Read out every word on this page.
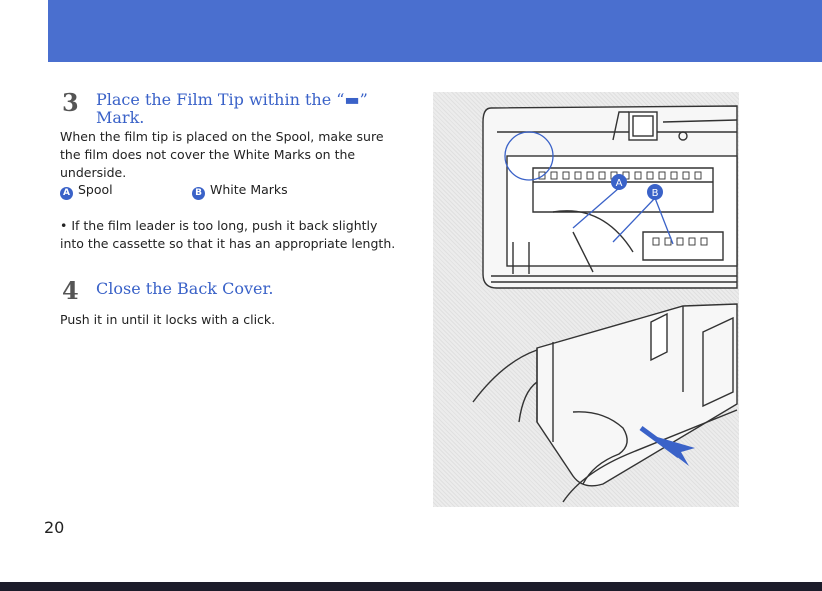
3 Place the Film Tip within the “▬”
Mark.
When the film tip is placed on the Spool, make sure
the film does not cover the White Marks on the
underside.
A Spool	B White Marks
• If the film leader is too long, push it back slightly
into the cassette so that it has an appropriate length.
4 Close the Back Cover.
Push it in until it locks with a click.
A
B
20
